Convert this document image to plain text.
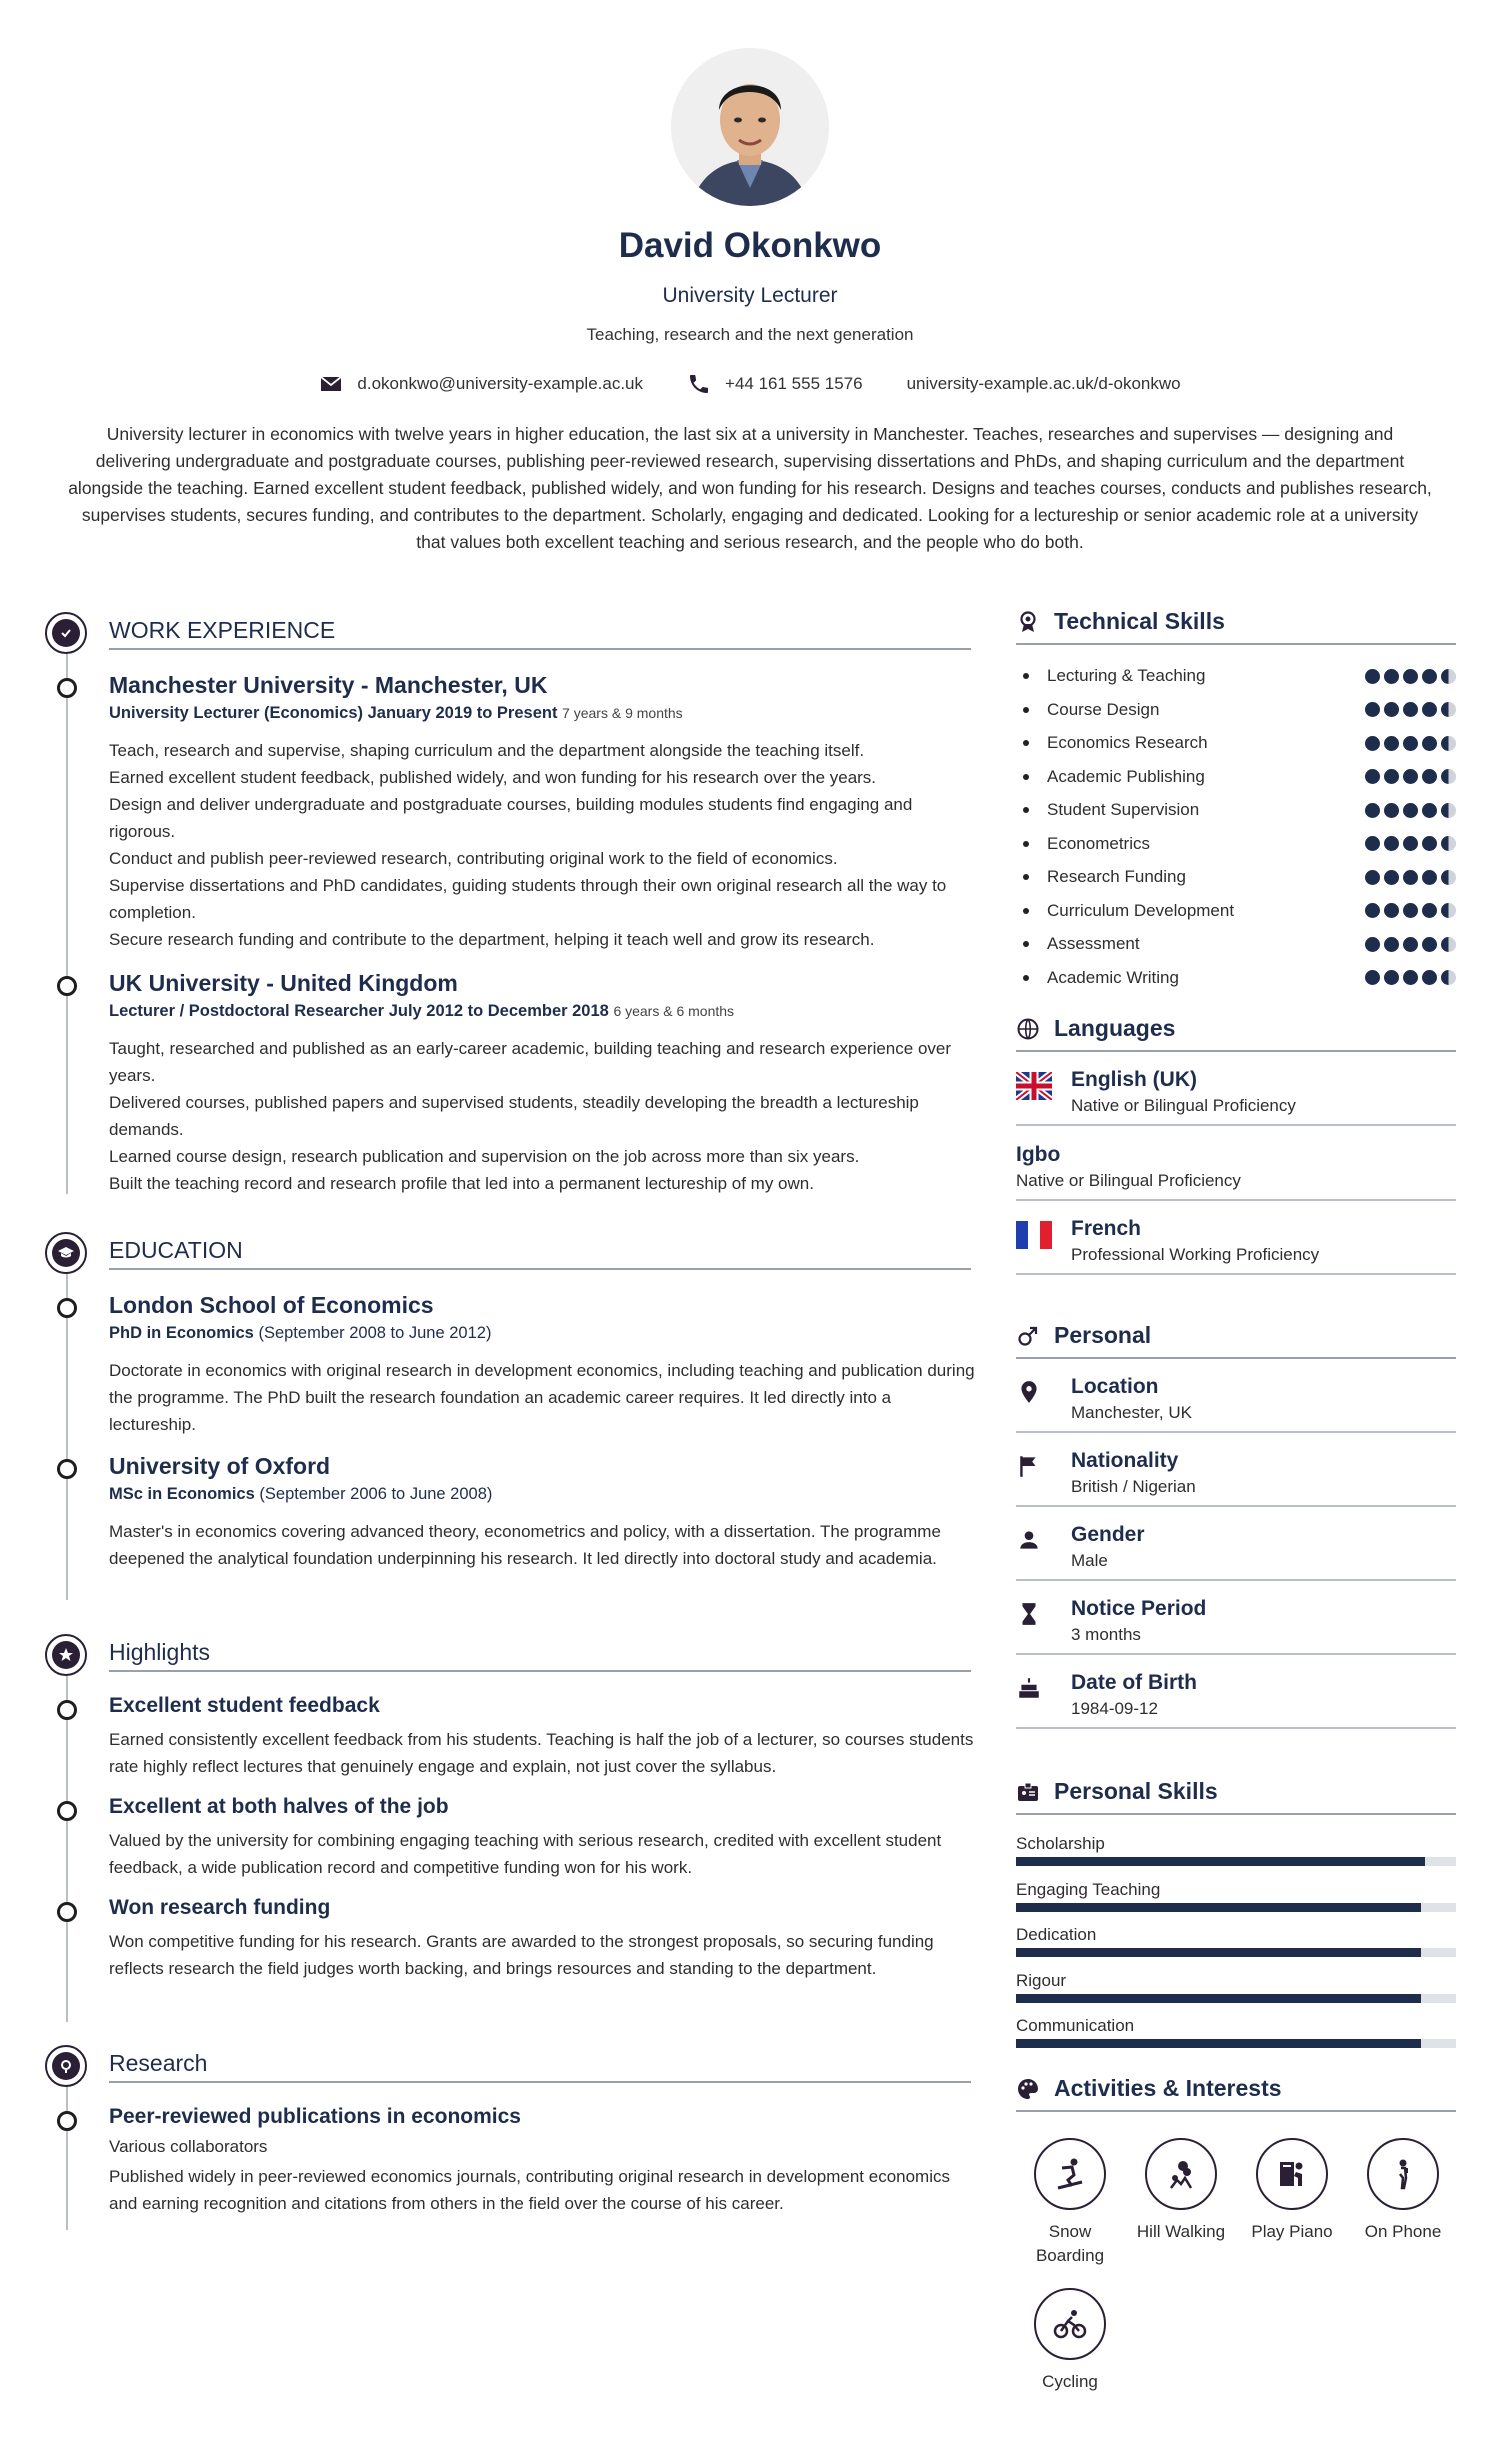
David Okonkwo
University Lecturer
Teaching, research and the next generation
d.okonkwo@university-example.ac.uk	+44 161 555 1576	university-example.ac.uk/d-okonkwo
University lecturer in economics with twelve years in higher education, the last six at a university in Manchester. Teaches, researches and supervises — designing and delivering undergraduate and postgraduate courses, publishing peer-reviewed research, supervising dissertations and PhDs, and shaping curriculum and the department alongside the teaching. Earned excellent student feedback, published widely, and won funding for his research. Designs and teaches courses, conducts and publishes research, supervises students, secures funding, and contributes to the department. Scholarly, engaging and dedicated. Looking for a lectureship or senior academic role at a university that values both excellent teaching and serious research, and the people who do both.
WORK EXPERIENCE
Manchester University - Manchester, UK
University Lecturer (Economics) January 2019 to Present 7 years & 9 months

Teach, research and supervise, shaping curriculum and the department alongside the teaching itself.

Earned excellent student feedback, published widely, and won funding for his research over the years.

Design and deliver undergraduate and postgraduate courses, building modules students find engaging and rigorous.

Conduct and publish peer-reviewed research, contributing original work to the field of economics.

Supervise dissertations and PhD candidates, guiding students through their own original research all the way to completion.

Secure research funding and contribute to the department, helping it teach well and grow its research.

UK University - United Kingdom
Lecturer / Postdoctoral Researcher July 2012 to December 2018 6 years & 6 months

Taught, researched and published as an early-career academic, building teaching and research experience over years.

Delivered courses, published papers and supervised students, steadily developing the breadth a lectureship demands.

Learned course design, research publication and supervision on the job across more than six years.

Built the teaching record and research profile that led into a permanent lectureship of my own.

EDUCATION
London School of Economics
PhD in Economics (September 2008 to June 2012)
Doctorate in economics with original research in development economics, including teaching and publication during the programme. The PhD built the research foundation an academic career requires. It led directly into a lectureship.
University of Oxford
MSc in Economics (September 2006 to June 2008)
Master's in economics covering advanced theory, econometrics and policy, with a dissertation. The programme deepened the analytical foundation underpinning his research. It led directly into doctoral study and academia.
Highlights
Excellent student feedback
Earned consistently excellent feedback from his students. Teaching is half the job of a lecturer, so courses students rate highly reflect lectures that genuinely engage and explain, not just cover the syllabus.
Excellent at both halves of the job
Valued by the university for combining engaging teaching with serious research, credited with excellent student feedback, a wide publication record and competitive funding won for his work.
Won research funding
Won competitive funding for his research. Grants are awarded to the strongest proposals, so securing funding reflects research the field judges worth backing, and brings resources and standing to the department.
Research
Peer-reviewed publications in economics
Various collaborators
Published widely in peer-reviewed economics journals, contributing original research in development economics and earning recognition and citations from others in the field over the course of his career.
Technical Skills
Lecturing & Teaching
Course Design
Economics Research
Academic Publishing
Student Supervision
Econometrics
Research Funding
Curriculum Development
Assessment
Academic Writing
Languages
English (UK)
Native or Bilingual Proficiency
Igbo
Native or Bilingual Proficiency
French
Professional Working Proficiency
Personal
Location
Manchester, UK
Nationality
British / Nigerian
Gender
Male
Notice Period
3 months
Date of Birth
1984-09-12
Personal Skills
Scholarship
Engaging Teaching
Dedication
Rigour
Communication
Activities & Interests
Snow Boarding
Hill Walking	Play Piano	On Phone
Cycling
